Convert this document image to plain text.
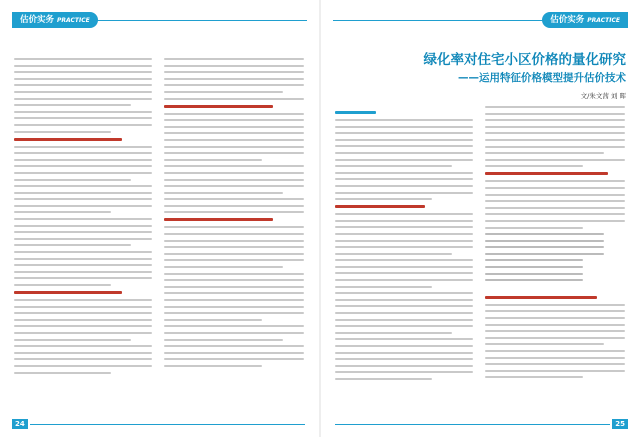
估价实务 PRACTICE
24
估价实务 PRACTICE
绿化率对住宅小区价格的量化研究
——运用特征价格模型提升估价技术
文/朱文茜 刘 晖
25
